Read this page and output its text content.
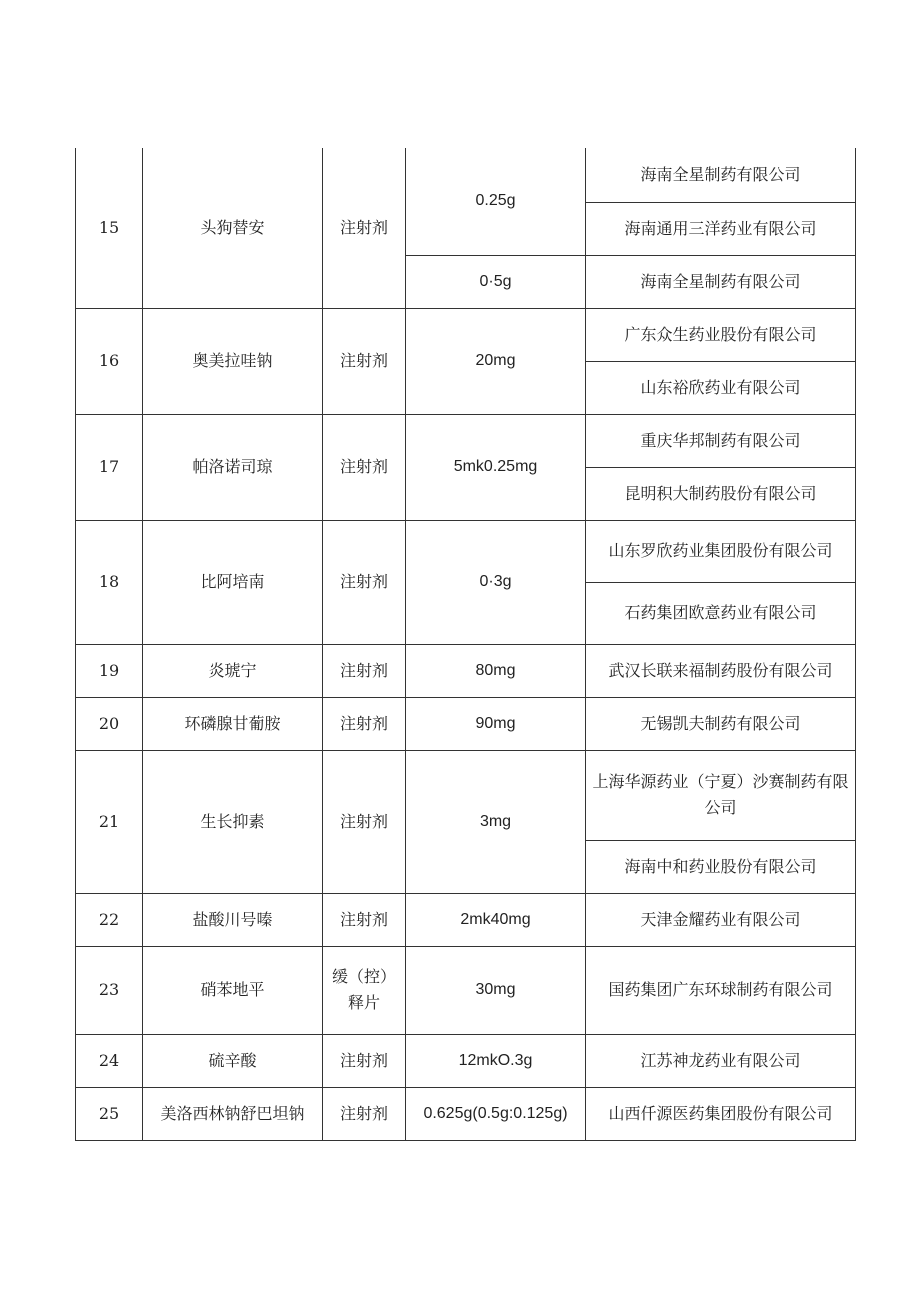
15	头狗替安	注射剂	0.25g	海南全星制药有限公司
				海南通用三洋药业有限公司
			0·5g	海南全星制药有限公司
16	奥美拉哇钠	注射剂	20mg	广东众生药业股份有限公司
				山东裕欣药业有限公司
17	帕洛诺司琼	注射剂	5mk0.25mg	重庆华邦制药有限公司
				昆明积大制药股份有限公司
18	比阿培南	注射剂	0·3g	山东罗欣药业集团股份有限公司
				石药集团欧意药业有限公司
19	炎琥宁	注射剂	80mg	武汉长联来福制药股份有限公司
20	环磷腺甘葡胺	注射剂	90mg	无锡凯夫制药有限公司
21	生长抑素	注射剂	3mg	上海华源药业（宁夏）沙赛制药有限公司
				海南中和药业股份有限公司
22	盐酸川号嗪	注射剂	2mk40mg	天津金耀药业有限公司
23	硝苯地平	缓（控）释片	30mg	国药集团广东环球制药有限公司
24	硫辛酸	注射剂	12mkO.3g	江苏神龙药业有限公司
25	美洛西林钠舒巴坦钠	注射剂	0.625g(0.5g:0.125g)	山西仟源医药集团股份有限公司
